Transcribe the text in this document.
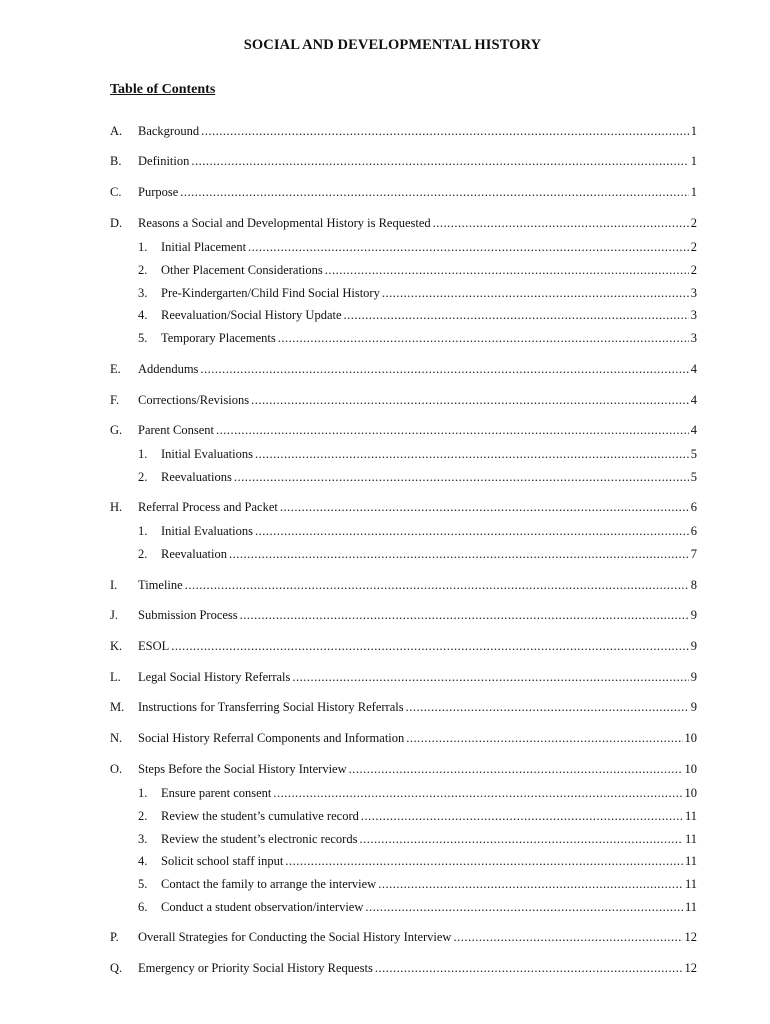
SOCIAL AND DEVELOPMENTAL HISTORY
Table of Contents
A. Background .....	1
B. Definition .....	1
C. Purpose .....	1
D. Reasons a Social and Developmental History is Requested .....	2
1. Initial Placement .....	2
2. Other Placement Considerations .....	2
3. Pre-Kindergarten/Child Find Social History .....	3
4. Reevaluation/Social History Update .....	3
5. Temporary Placements .....	3
E. Addendums .....	4
F. Corrections/Revisions .....	4
G. Parent Consent .....	4
1. Initial Evaluations .....	5
2. Reevaluations .....	5
H. Referral Process and Packet .....	6
1. Initial Evaluations .....	6
2. Reevaluation .....	7
I. Timeline .....	8
J. Submission Process .....	9
K. ESOL .....	9
L. Legal Social History Referrals .....	9
M. Instructions for Transferring Social History Referrals .....	9
N. Social History Referral Components and Information .....	10
O. Steps Before the Social History Interview .....	10
1. Ensure parent consent .....	10
2. Review the student’s cumulative record .....	11
3. Review the student’s electronic records .....	11
4. Solicit school staff input .....	11
5. Contact the family to arrange the interview .....	11
6. Conduct a student observation/interview .....	11
P. Overall Strategies for Conducting the Social History Interview .....	12
Q. Emergency or Priority Social History Requests .....	12
